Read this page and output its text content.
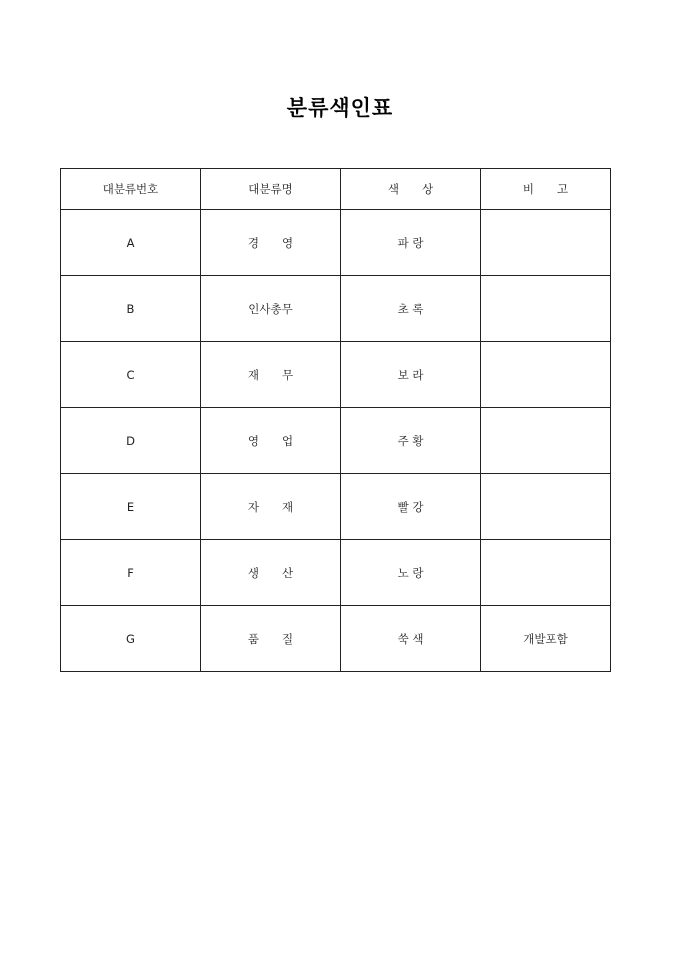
분류색인표
대분류번호	대분류명	색　　상	비　　고
A	경　　영	파 랑	
B	인사총무	초 록	
C	재　　무	보 라	
D	영　　업	주 황	
E	자　　재	빨 강	
F	생　　산	노 랑	
G	품　　질	쑥 색	개발포함
